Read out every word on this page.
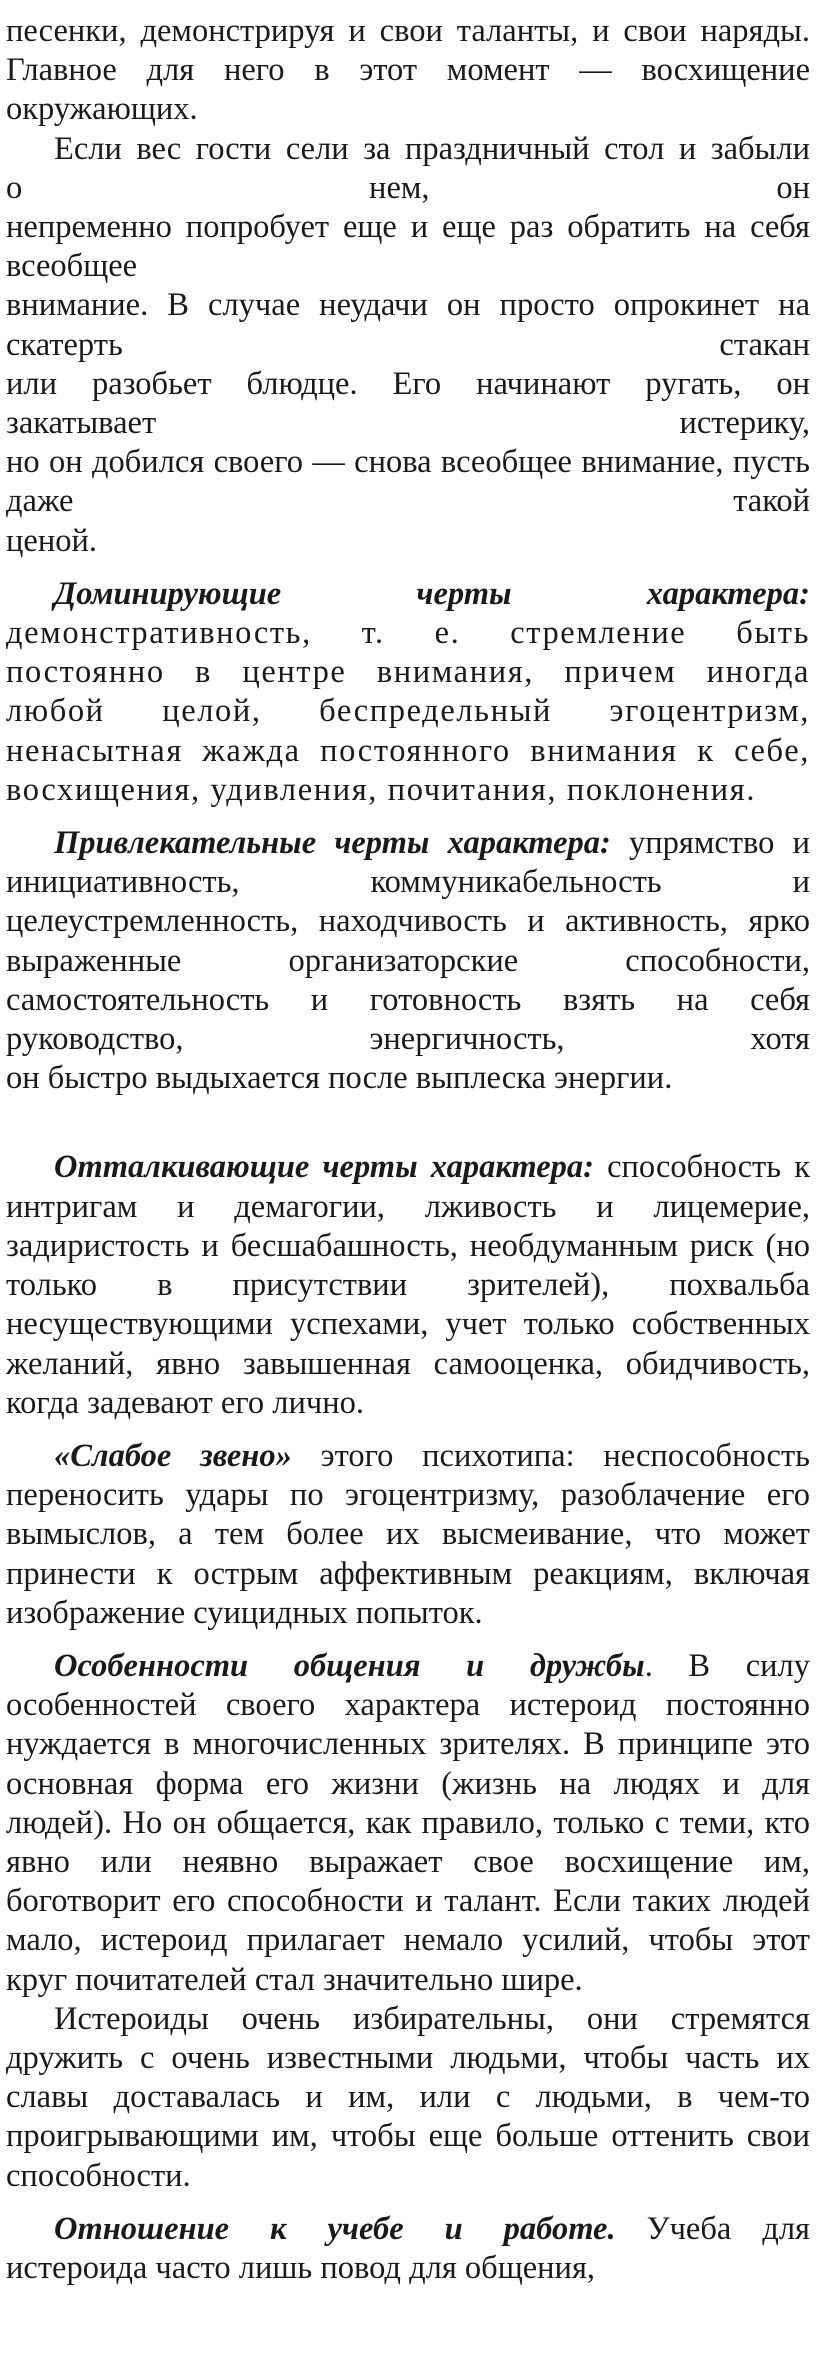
песенки, демонстрируя и свои таланты, и свои наряды. Главное для него в этот момент — восхищение окружающих.

Если вес гости сели за праздничный стол и забыли
о нем, он
непременно попробует еще и еще раз обратить на себя
всеобщее
внимание. В случае неудачи он просто опрокинет на
скатерть стакан
или разобьет блюдце. Его начинают ругать, он
закатывает истерику,
но он добился своего — снова всеобщее внимание, пусть
даже такой
ценой.
Доминирующие черты характера:
демонстративность, т. е. стремление быть постоянно в центре внимания, причем иногда любой целой, беспредельный эгоцентризм, ненасытная жажда постоянного внимания к себе, восхищения, удивления, почитания, поклонения.
Привлекательные черты характера: упрямство и
инициативность, коммуникабельность и
целеустремленность, находчивость и активность, ярко
выраженные организаторские способности,
самостоятельность и готовность взять на себя
руководство, энергичность, хотя
он быстро выдыхается после выплеска энергии.

Отталкивающие черты характера: способность к интригам и демагогии, лживость и лицемерие, задиристость и бесшабашность, необдуманным риск (но только в присутствии зрителей), похвальба несуществующими успехами, учет только собственных желаний, явно завышенная самооценка, обидчивость, когда задевают его лично.

«Слабое звено» этого психотипа: неспособность переносить удары по эгоцентризму, разоблачение его вымыслов, а тем более их высмеивание, что может принести к острым аффективным реакциям, включая изображение суицидных попыток.

Особенности общения и дружбы. В силу особенностей своего характера истероид постоянно нуждается в многочисленных зрителях. В принципе это основная форма его жизни (жизнь на людях и для людей). Но он общается, как правило, только с теми, кто явно или неявно выражает свое восхищение им, боготворит его способности и талант. Если таких людей мало, истероид прилагает немало усилий, чтобы этот круг почитателей стал значительно шире.

Истероиды очень избирательны, они стремятся дружить с очень известными людьми, чтобы часть их славы доставалась и им, или с людьми, в чем-то проигрывающими им, чтобы еще больше оттенить свои способности.

Отношение к учебе и работе. Учеба для истероида часто лишь повод для общения,
